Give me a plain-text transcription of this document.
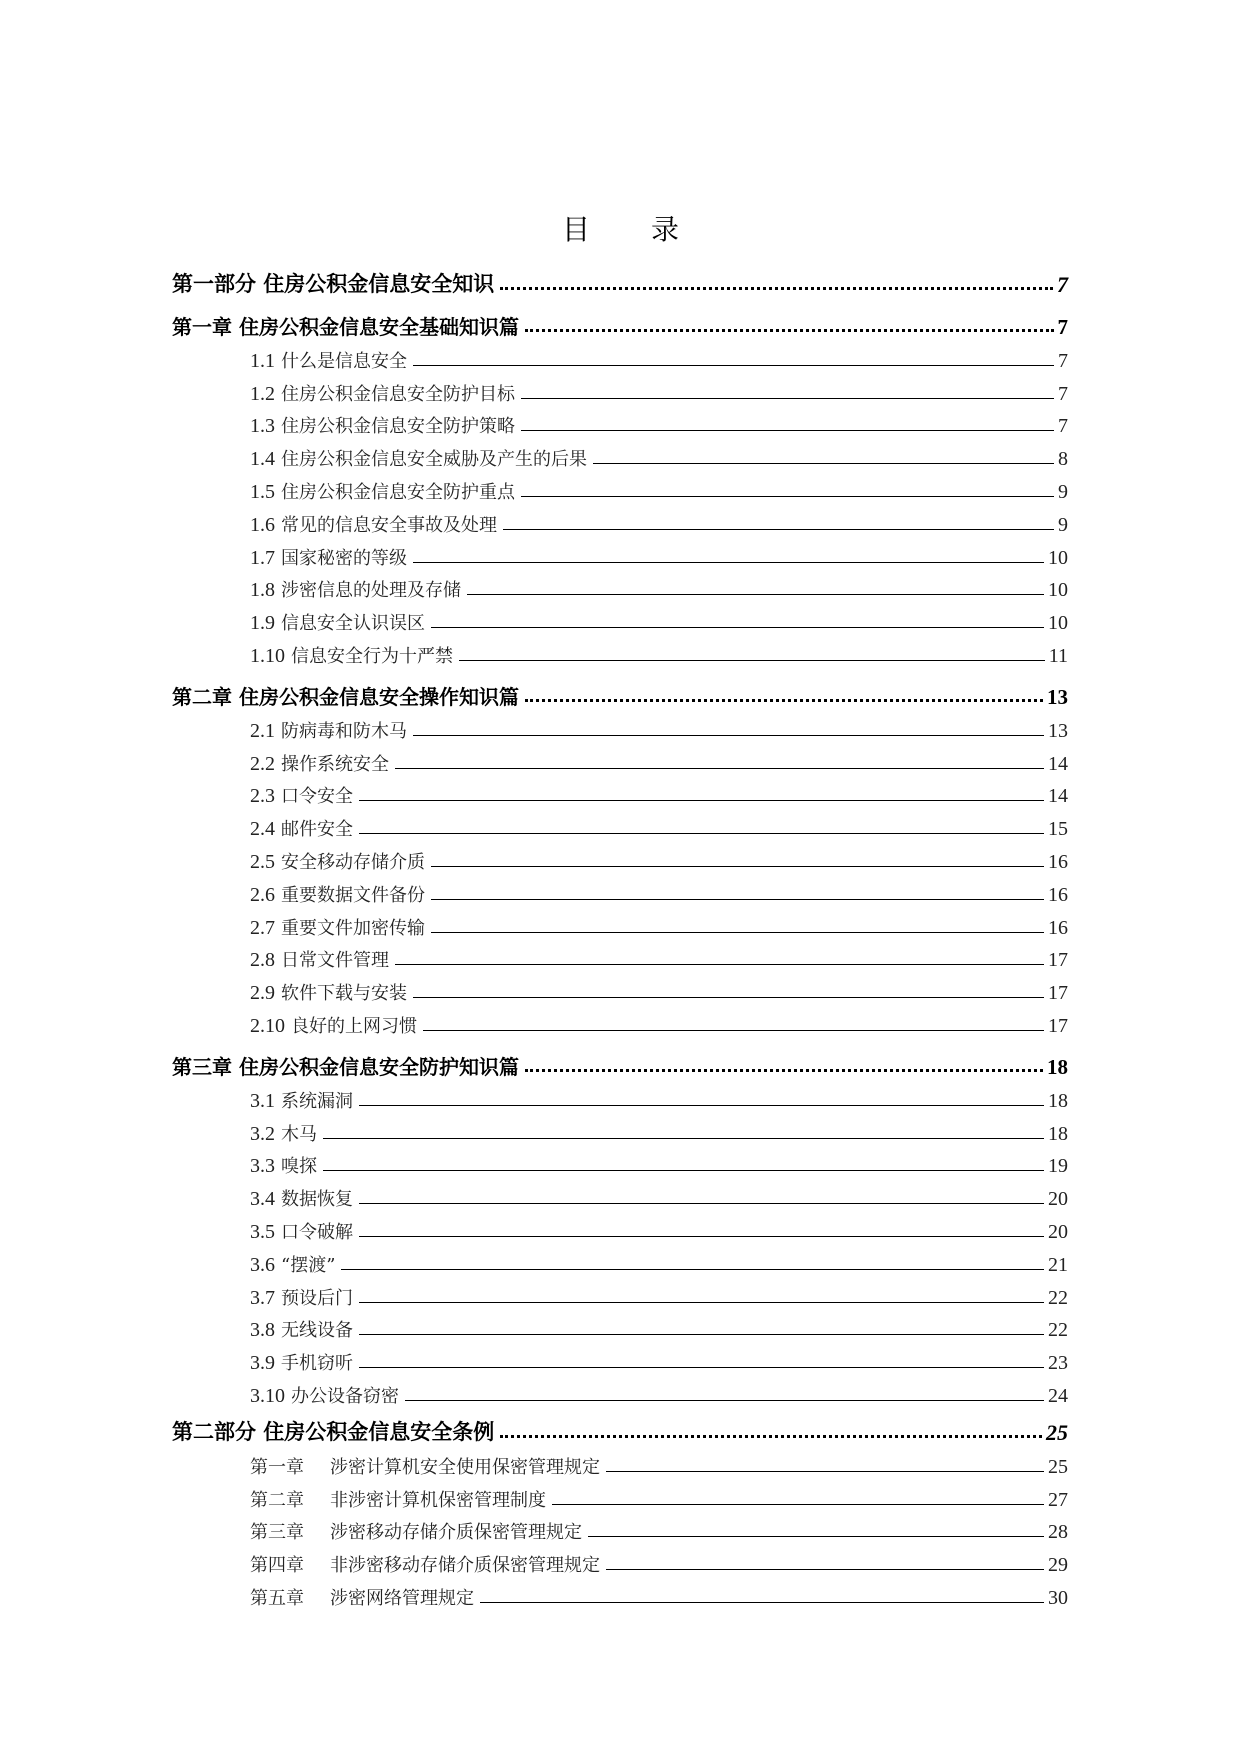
目 录
第一部分 住房公积金信息安全知识	7
第一章 住房公积金信息安全基础知识篇	7
1.1 什么是信息安全	7
1.2 住房公积金信息安全防护目标	7
1.3 住房公积金信息安全防护策略	7
1.4 住房公积金信息安全威胁及产生的后果	8
1.5 住房公积金信息安全防护重点	9
1.6 常见的信息安全事故及处理	9
1.7 国家秘密的等级	10
1.8 涉密信息的处理及存储	10
1.9 信息安全认识误区	10
1.10 信息安全行为十严禁	11
第二章 住房公积金信息安全操作知识篇	13
2.1 防病毒和防木马	13
2.2 操作系统安全	14
2.3 口令安全	14
2.4 邮件安全	15
2.5 安全移动存储介质	16
2.6 重要数据文件备份	16
2.7 重要文件加密传输	16
2.8 日常文件管理	17
2.9 软件下载与安装	17
2.10 良好的上网习惯	17
第三章 住房公积金信息安全防护知识篇	18
3.1 系统漏洞	18
3.2 木马	18
3.3 嗅探	19
3.4 数据恢复	20
3.5 口令破解	20
3.6 “摆渡”	21
3.7 预设后门	22
3.8 无线设备	22
3.9 手机窃听	23
3.10 办公设备窃密	24
第二部分 住房公积金信息安全条例	25
第一章 涉密计算机安全使用保密管理规定	25
第二章 非涉密计算机保密管理制度	27
第三章 涉密移动存储介质保密管理规定	28
第四章 非涉密移动存储介质保密管理规定	29
第五章 涉密网络管理规定	30
